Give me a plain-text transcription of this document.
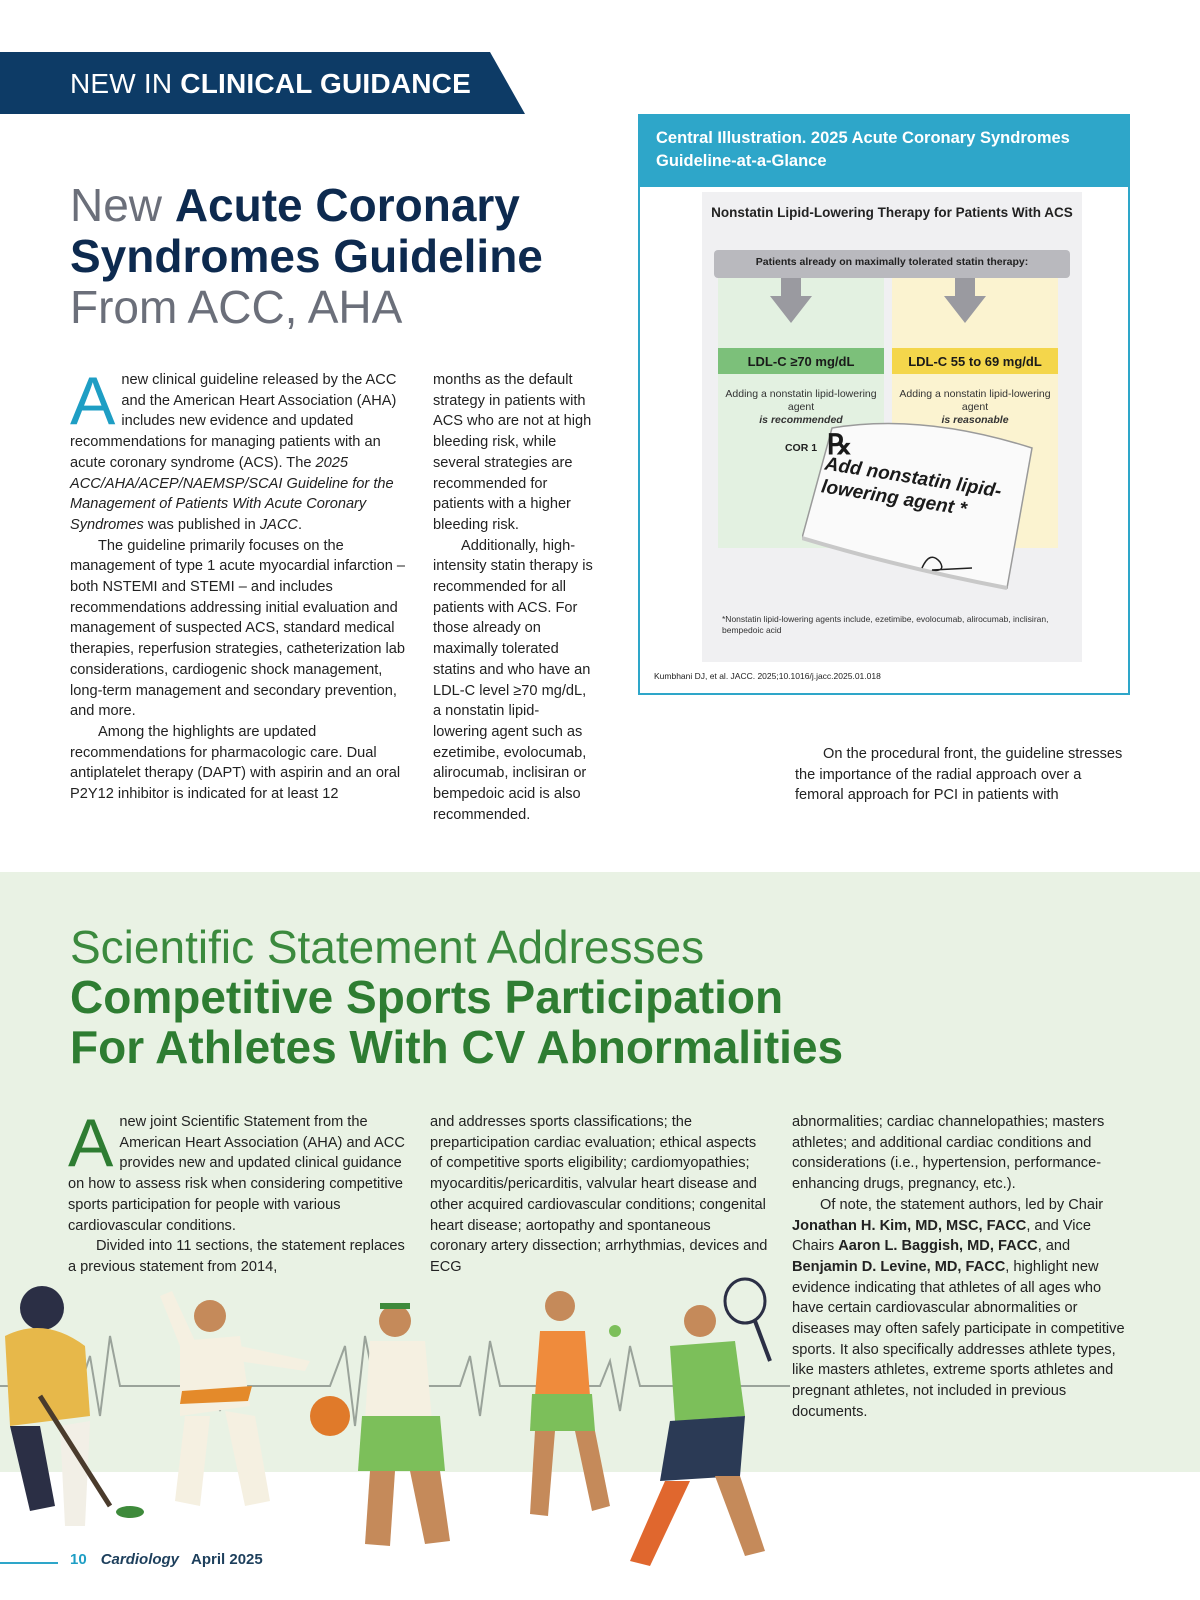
NEW IN CLINICAL GUIDANCE
New Acute Coronary Syndromes Guideline
From ACC, AHA

Anew clinical guideline released by the ACC and the American Heart Association (AHA) includes new evidence and updated recommendations for managing patients with an acute coronary syndrome (ACS). The 2025 ACC/AHA/ACEP/NAEMSP/SCAI Guideline for the Management of Patients With Acute Coronary Syndromes was published in JACC.

The guideline primarily focuses on the management of type 1 acute myocardial infarction – both NSTEMI and STEMI – and includes recommendations addressing initial evaluation and management of suspected ACS, standard medical therapies, reperfusion strategies, catheterization lab considerations, cardiogenic shock management, long-term management and secondary prevention, and more.

Among the highlights are updated recommendations for pharmacologic care. Dual antiplatelet therapy (DAPT) with aspirin and an oral P2Y12 inhibitor is indicated for at least 12

months as the default strategy in patients with ACS who are not at high bleeding risk, while several strategies are recommended for patients with a higher bleeding risk.

Additionally, high-intensity statin therapy is recommended for all patients with ACS. For those already on maximally tolerated statins and who have an LDL-C level ≥70 mg/dL, a nonstatin lipid-lowering agent such as ezetimibe, evolocumab, alirocumab, inclisiran or bempedoic acid is also recommended.

On the procedural front, the guideline stresses the importance of the radial approach over a femoral approach for PCI in patients with

Central Illustration. 2025 Acute Coronary Syndromes Guideline-at-a-Glance
Nonstatin Lipid-Lowering Therapy for Patients With ACS
Patients already on maximally tolerated statin therapy:
LDL-C ≥70 mg/dL	LDL-C 55 to 69 mg/dL
Adding a nonstatin lipid-lowering agent
is recommended
Adding a nonstatin lipid-lowering agent
is reasonable
COR 1 ℞
Add nonstatin lipid-lowering agent *
*Nonstatin lipid-lowering agents include, ezetimibe, evolocumab, alirocumab, inclisiran, bempedoic acid
Kumbhani DJ, et al. JACC. 2025;10.1016/j.jacc.2025.01.018
Scientific Statement Addresses
Competitive Sports Participation
For Athletes With CV Abnormalities

Anew joint Scientific Statement from the American Heart Association (AHA) and ACC provides new and updated clinical guidance on how to assess risk when considering competitive sports participation for people with various cardiovascular conditions.

Divided into 11 sections, the statement replaces a previous statement from 2014,

and addresses sports classifications; the preparticipation cardiac evaluation; ethical aspects of competitive sports eligibility; cardiomyopathies; myocarditis/pericarditis, valvular heart disease and other acquired cardiovascular conditions; congenital heart disease; aortopathy and spontaneous coronary artery dissection; arrhythmias, devices and ECG

abnormalities; cardiac channelopathies; masters athletes; and additional cardiac conditions and considerations (i.e., hypertension, performance-enhancing drugs, pregnancy, etc.).

Of note, the statement authors, led by Chair Jonathan H. Kim, MD, MSC, FACC, and Vice Chairs Aaron L. Baggish, MD, FACC, and Benjamin D. Levine, MD, FACC, highlight new evidence indicating that athletes of all ages who have certain cardiovascular abnormalities or diseases may often safely participate in competitive sports. It also specifically addresses athlete types, like masters athletes, extreme sports athletes and pregnant athletes, not included in previous documents.

10 Cardiology April 2025
